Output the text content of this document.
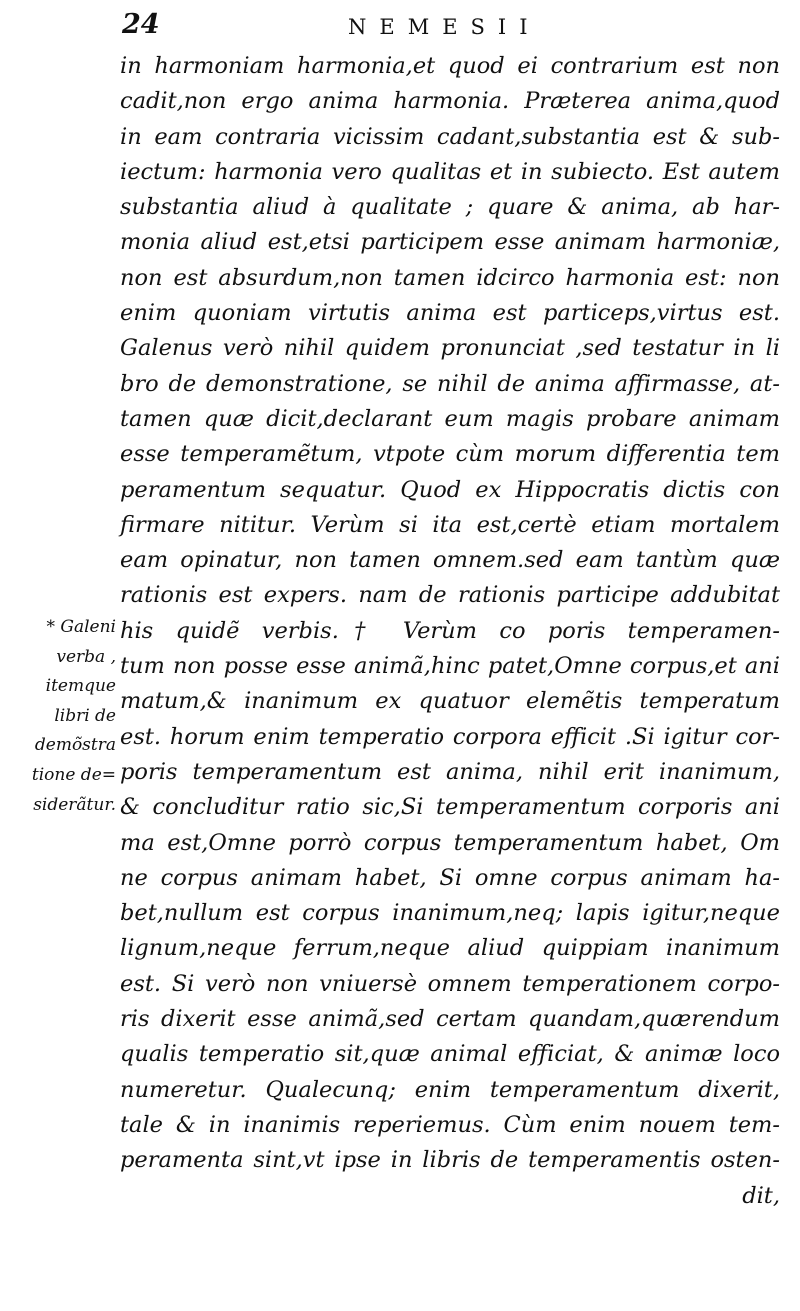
24	NEMESII
* Galeni
verba ,
itemque
libri de
demõstra
tione de=
siderãtur.
in harmoniam harmonia,et quod ei contrarium est non
cadit,non ergo anima harmonia. Præterea anima,quod
in eam contraria vicissim cadant,substantia est & sub-
iectum: harmonia vero qualitas et in subiecto. Est autem
substantia aliud à qualitate ; quare & anima, ab har-
monia aliud est,etsi participem esse animam harmoniæ,
non est absurdum,non tamen idcirco harmonia est: non
enim quoniam virtutis anima est particeps,virtus est.
Galenus verò nihil quidem pronunciat ,sed testatur in li
bro de demonstratione, se nihil de anima affirmasse, at-
tamen quæ dicit,declarant eum magis probare animam
esse temperamẽtum, vtpote cùm morum differentia tem
peramentum sequatur. Quod ex Hippocratis dictis con
firmare nititur. Verùm si ita est,certè etiam mortalem
eam opinatur, non tamen omnem.sed eam tantùm quæ
rationis est expers. nam de rationis participe addubitat
his quidẽ verbis.† Verùm co poris temperamen-
tum non posse esse animã,hinc patet,Omne corpus,et ani
matum,& inanimum ex quatuor elemẽtis temperatum
est. horum enim temperatio corpora efficit .Si igitur cor-
poris temperamentum est anima, nihil erit inanimum,
& concluditur ratio sic,Si temperamentum corporis ani
ma est,Omne porrò corpus temperamentum habet, Om
ne corpus animam habet, Si omne corpus animam ha-
bet,nullum est corpus inanimum,neq; lapis igitur,neque
lignum,neque ferrum,neque aliud quippiam inanimum
est. Si verò non vniuersè omnem temperationem corpo-
ris dixerit esse animã,sed certam quandam,quærendum
qualis temperatio sit,quæ animal efficiat, & animæ loco
numeretur. Qualecunq; enim temperamentum dixerit,
tale & in inanimis reperiemus. Cùm enim nouem tem-
peramenta sint,vt ipse in libris de temperamentis osten-
dit,
